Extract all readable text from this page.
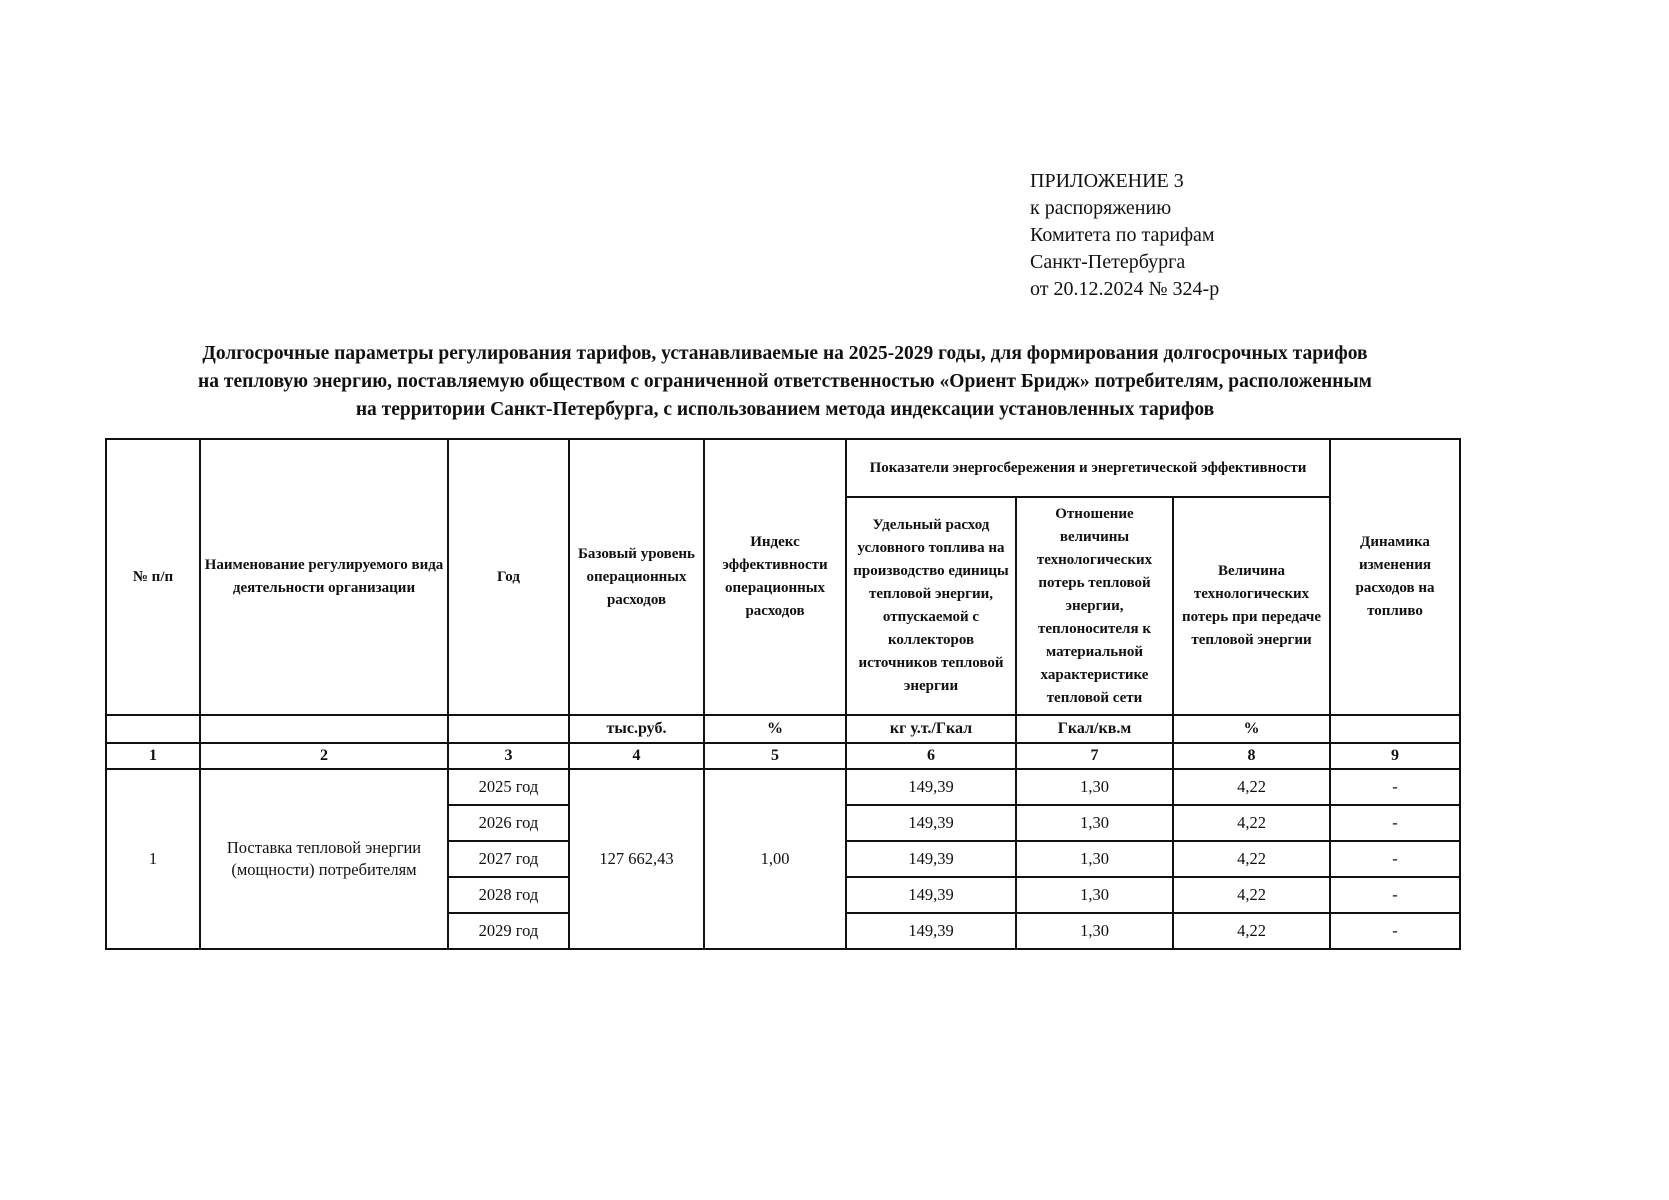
ПРИЛОЖЕНИЕ 3
к распоряжению
Комитета по тарифам
Санкт-Петербурга
от 20.12.2024 № 324-р
Долгосрочные параметры регулирования тарифов, устанавливаемые на 2025-2029 годы, для формирования долгосрочных тарифов
на тепловую энергию, поставляемую обществом с ограниченной ответственностью «Ориент Бридж» потребителям, расположенным
на территории Санкт-Петербурга, с использованием метода индексации установленных тарифов
№ п/п	Наименование регулируемого вида деятельности организации	Год	Базовый уровень операционных расходов	Индекс эффективности операционных расходов	Показатели энергосбережения и энергетической эффективности			Динамика изменения расходов на топливо
					Удельный расход условного топлива на производство единицы тепловой энергии, отпускаемой с коллекторов источников тепловой энергии	Отношение величины технологических потерь тепловой энергии, теплоносителя к материальной характеристике тепловой сети	Величина технологических потерь при передаче тепловой энергии	
			тыс.руб.	%	кг у.т./Гкал	Гкал/кв.м	%	
1	2	3	4	5	6	7	8	9
1	Поставка тепловой энергии (мощности) потребителям	2025 год	127 662,43	1,00	149,39	1,30	4,22	-
		2026 год			149,39	1,30	4,22	-
		2027 год			149,39	1,30	4,22	-
		2028 год			149,39	1,30	4,22	-
		2029 год			149,39	1,30	4,22	-
